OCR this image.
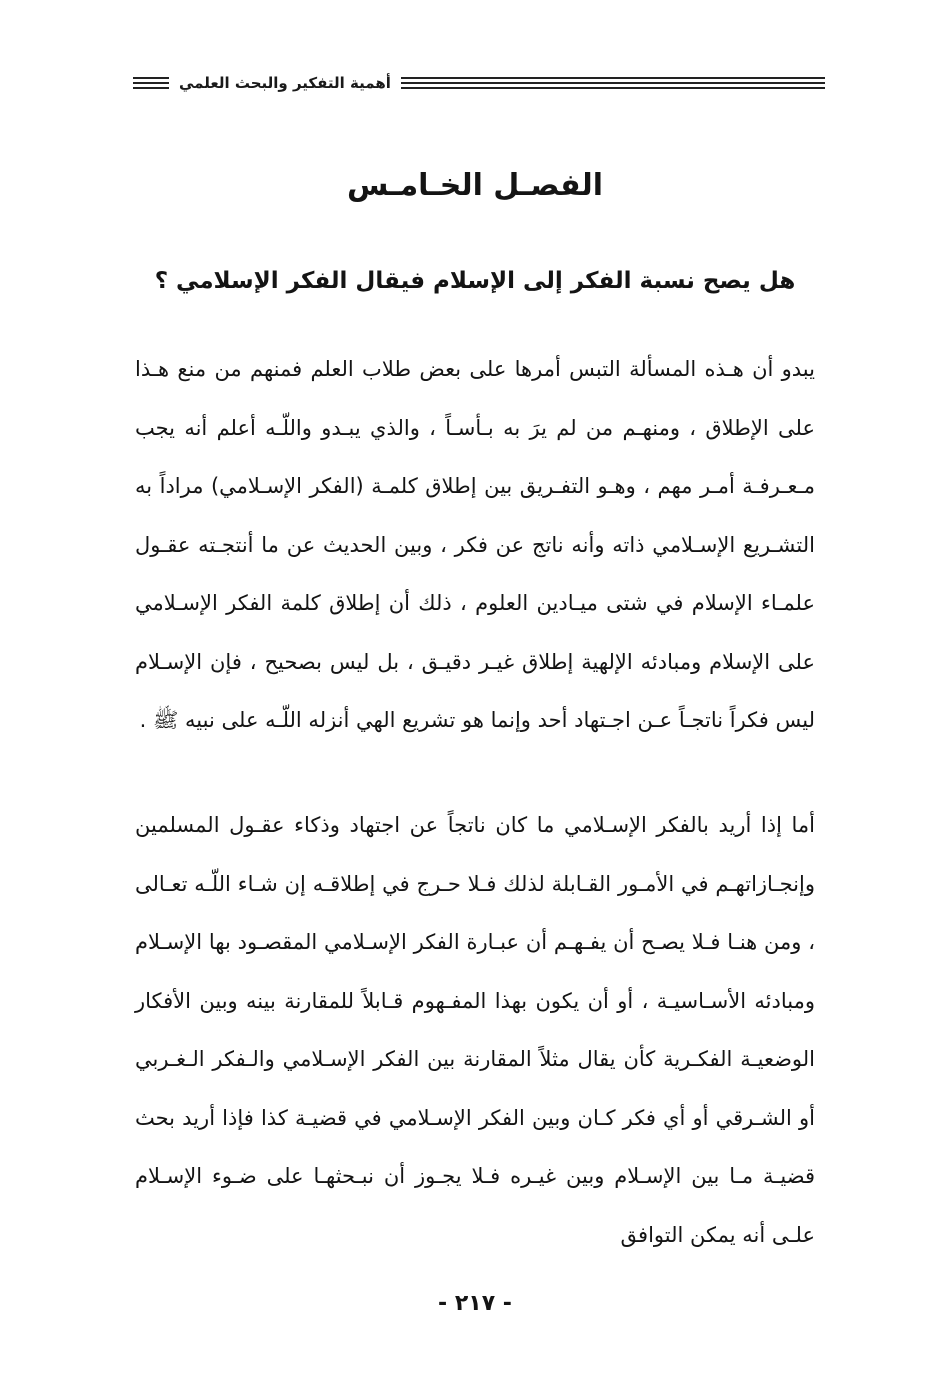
أهمية التفكير والبحث العلمي
الفصـل الخـامـس
هل يصح نسبة الفكر إلى الإسلام فيقال الفكر الإسلامي ؟

يبدو أن هـذه المسألة التبس أمرها على بعض طلاب العلم فمنهم من منع هـذا على الإطلاق ، ومنهـم من لم يرَ به بـأسـاً ، والذي يبـدو واللّـه أعلم أنه يجب مـعـرفـة أمـر مهم ، وهـو التفـريق بين إطلاق كلمـة (الفكر الإسـلامي) مراداً به التشـريع الإسـلامي ذاته وأنه ناتج عن فكر ، وبين الحديث عن ما أنتجـته عقـول علمـاء الإسلام في شتى ميـادين العلوم ، ذلك أن إطلاق كلمة الفكر الإسـلامي على الإسلام ومبادئه الإلهية إطلاق غيـر دقيـق ، بل ليس بصحيح ، فإن الإسـلام ليس فكراً ناتجـاً عـن اجـتهاد أحد وإنما هو تشريع الهي أنزله اللّـه على نبيه ﷺ .

أما إذا أريد بالفكر الإسـلامي ما كان ناتجاً عن اجتهاد وذكاء عقـول المسلمين وإنجـازاتهـم في الأمـور القـابلة لذلك فـلا حـرج في إطلاقـه إن شـاء اللّـه تعـالى ، ومن هنـا فـلا يصـح أن يفـهـم أن عبـارة الفكر الإسـلامي المقصـود بها الإسـلام ومبادئه الأسـاسيـة ، أو أن يكون بهذا المفـهوم قـابلاً للمقارنة بينه وبين الأفكار الوضعيـة الفكـرية كأن يقال مثلاً المقارنة بين الفكر الإسـلامي والـفكر الـغـربي أو الشـرقي أو أي فكر كـان وبين الفكر الإسـلامي في قضيـة كذا فإذا أريد بحث قضيـة مـا بين الإسـلام وبين غيـره فـلا يجـوز أن نبـحثهـا على ضـوء الإسـلام علـى أنه يمكن التوافق

- ٢١٧ -
